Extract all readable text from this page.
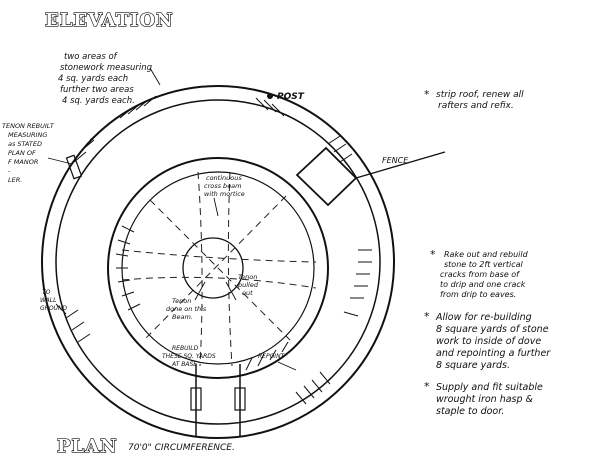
ELEVATION
PLAN
two areas of
stonework measuring
4 sq. yards each
further two areas
4 sq. yards each.
TENON REBUILT
MEASURING
as STATED
PLAN OF
F MANOR
-
LER.
POST
FENCE
continuous
cross beam
with mortice
Tenon
done on this
Beam.
Tenon
pulled
out
REBUILD
THESE SQ. YARDS
AT BASE
REPOINT
TO
WALL
GROUND
70'0" CIRCUMFERENCE.
* strip roof, renew all
rafters and refix.
* Rake out and rebuild
stone to 2ft vertical
cracks from base of
to drip and one crack
from drip to eaves.
* Allow for re-building
8 square yards of stone
work to inside of dove
and repointing a further
8 square yards.
* Supply and fit suitable
wrought iron hasp &
staple to door.
